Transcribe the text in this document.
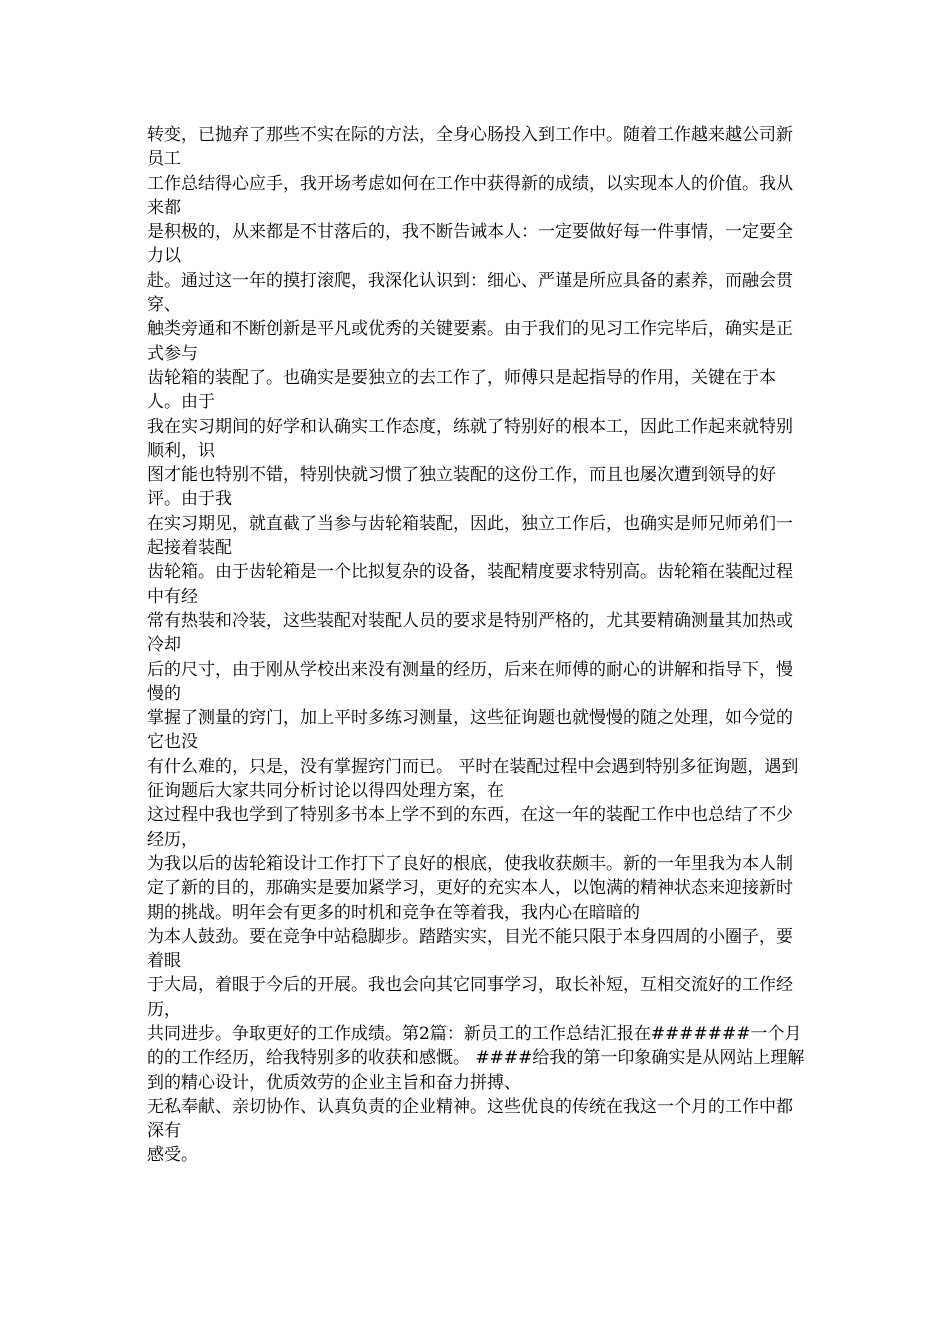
转变，已抛弃了那些不实在际的方法，全身心肠投入到工作中。随着工作越来越公司新员工
工作总结得心应手，我开场考虑如何在工作中获得新的成绩，以实现本人的价值。我从来都
是积极的，从来都是不甘落后的，我不断告诫本人：一定要做好每一件事情，一定要全力以
赴。通过这一年的摸打滚爬，我深化认识到：细心、严谨是所应具备的素养，而融会贯穿、
触类旁通和不断创新是平凡或优秀的关键要素。由于我们的见习工作完毕后，确实是正式参与
齿轮箱的装配了。也确实是要独立的去工作了，师傅只是起指导的作用，关键在于本人。由于
我在实习期间的好学和认确实工作态度，练就了特别好的根本工，因此工作起来就特别顺利，识
图才能也特别不错，特别快就习惯了独立装配的这份工作，而且也屡次遭到领导的好评。由于我
在实习期见，就直截了当参与齿轮箱装配，因此，独立工作后，也确实是师兄师弟们一起接着装配
齿轮箱。由于齿轮箱是一个比拟复杂的设备，装配精度要求特别高。齿轮箱在装配过程中有经
常有热装和冷装，这些装配对装配人员的要求是特别严格的，尤其要精确测量其加热或冷却
后的尺寸，由于刚从学校出来没有测量的经历，后来在师傅的耐心的讲解和指导下，慢慢的
掌握了测量的窍门，加上平时多练习测量，这些征询题也就慢慢的随之处理，如今觉的它也没
有什么难的，只是，没有掌握窍门而已。 平时在装配过程中会遇到特别多征询题，遇到征询题后大家共同分析讨论以得四处理方案，在
这过程中我也学到了特别多书本上学不到的东西，在这一年的装配工作中也总结了不少经历，
为我以后的齿轮箱设计工作打下了良好的根底，使我收获颇丰。新的一年里我为本人制定了新的目的，那确实是要加紧学习，更好的充实本人，以饱满的精神状态来迎接新时期的挑战。明年会有更多的时机和竞争在等着我，我内心在暗暗的
为本人鼓劲。要在竞争中站稳脚步。踏踏实实，目光不能只限于本身四周的小圈子，要着眼
于大局，着眼于今后的开展。我也会向其它同事学习，取长补短，互相交流好的工作经历，
共同进步。争取更好的工作成绩。第2篇：新员工的工作总结汇报在#######一个月的的工作经历，给我特别多的收获和感慨。 ####给我的第一印象确实是从网站上理解到的精心设计，优质效劳的企业主旨和奋力拼搏、
无私奉献、亲切协作、认真负责的企业精神。这些优良的传统在我这一个月的工作中都深有
感受。
